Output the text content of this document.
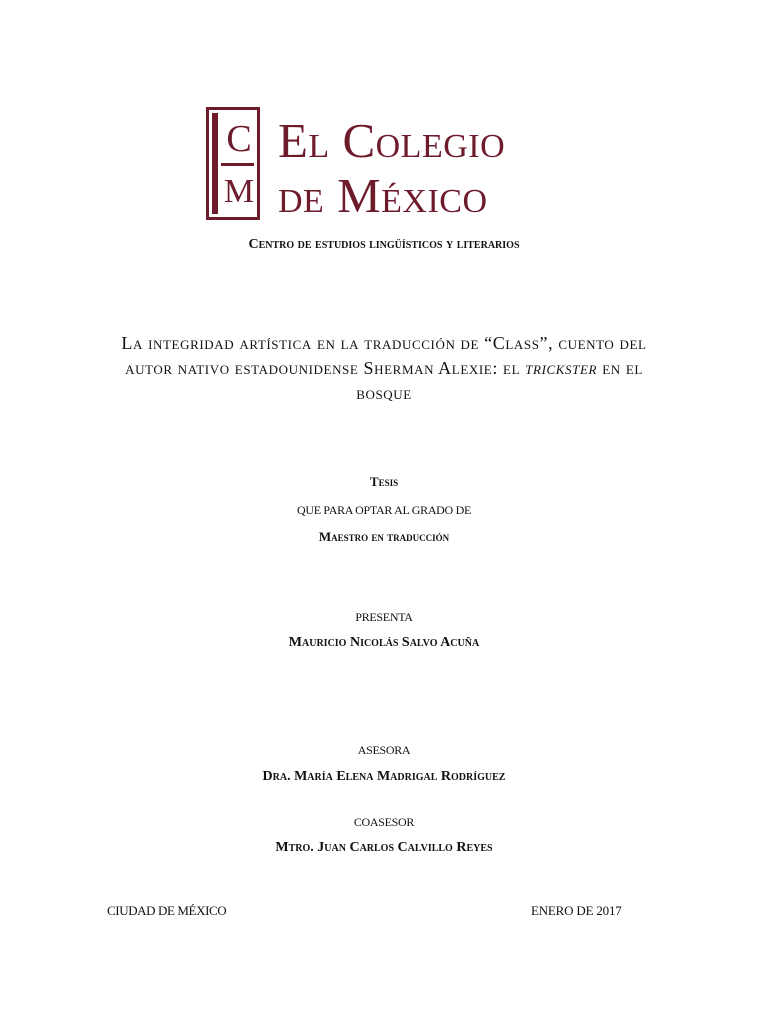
C
M
El Colegio
de México
Centro de estudios lingüísticos y literarios
La integridad artística en la traducción de “Class”, cuento del autor nativo estadounidense Sherman Alexie: el trickster en el bosque
Tesis
QUE PARA OPTAR AL GRADO DE
Maestro en traducción
PRESENTA
Mauricio Nicolás Salvo Acuña
ASESORA
Dra. María Elena Madrigal Rodríguez
COASESOR
Mtro. Juan Carlos Calvillo Reyes
CIUDAD DE MÉXICO	ENERO DE 2017
